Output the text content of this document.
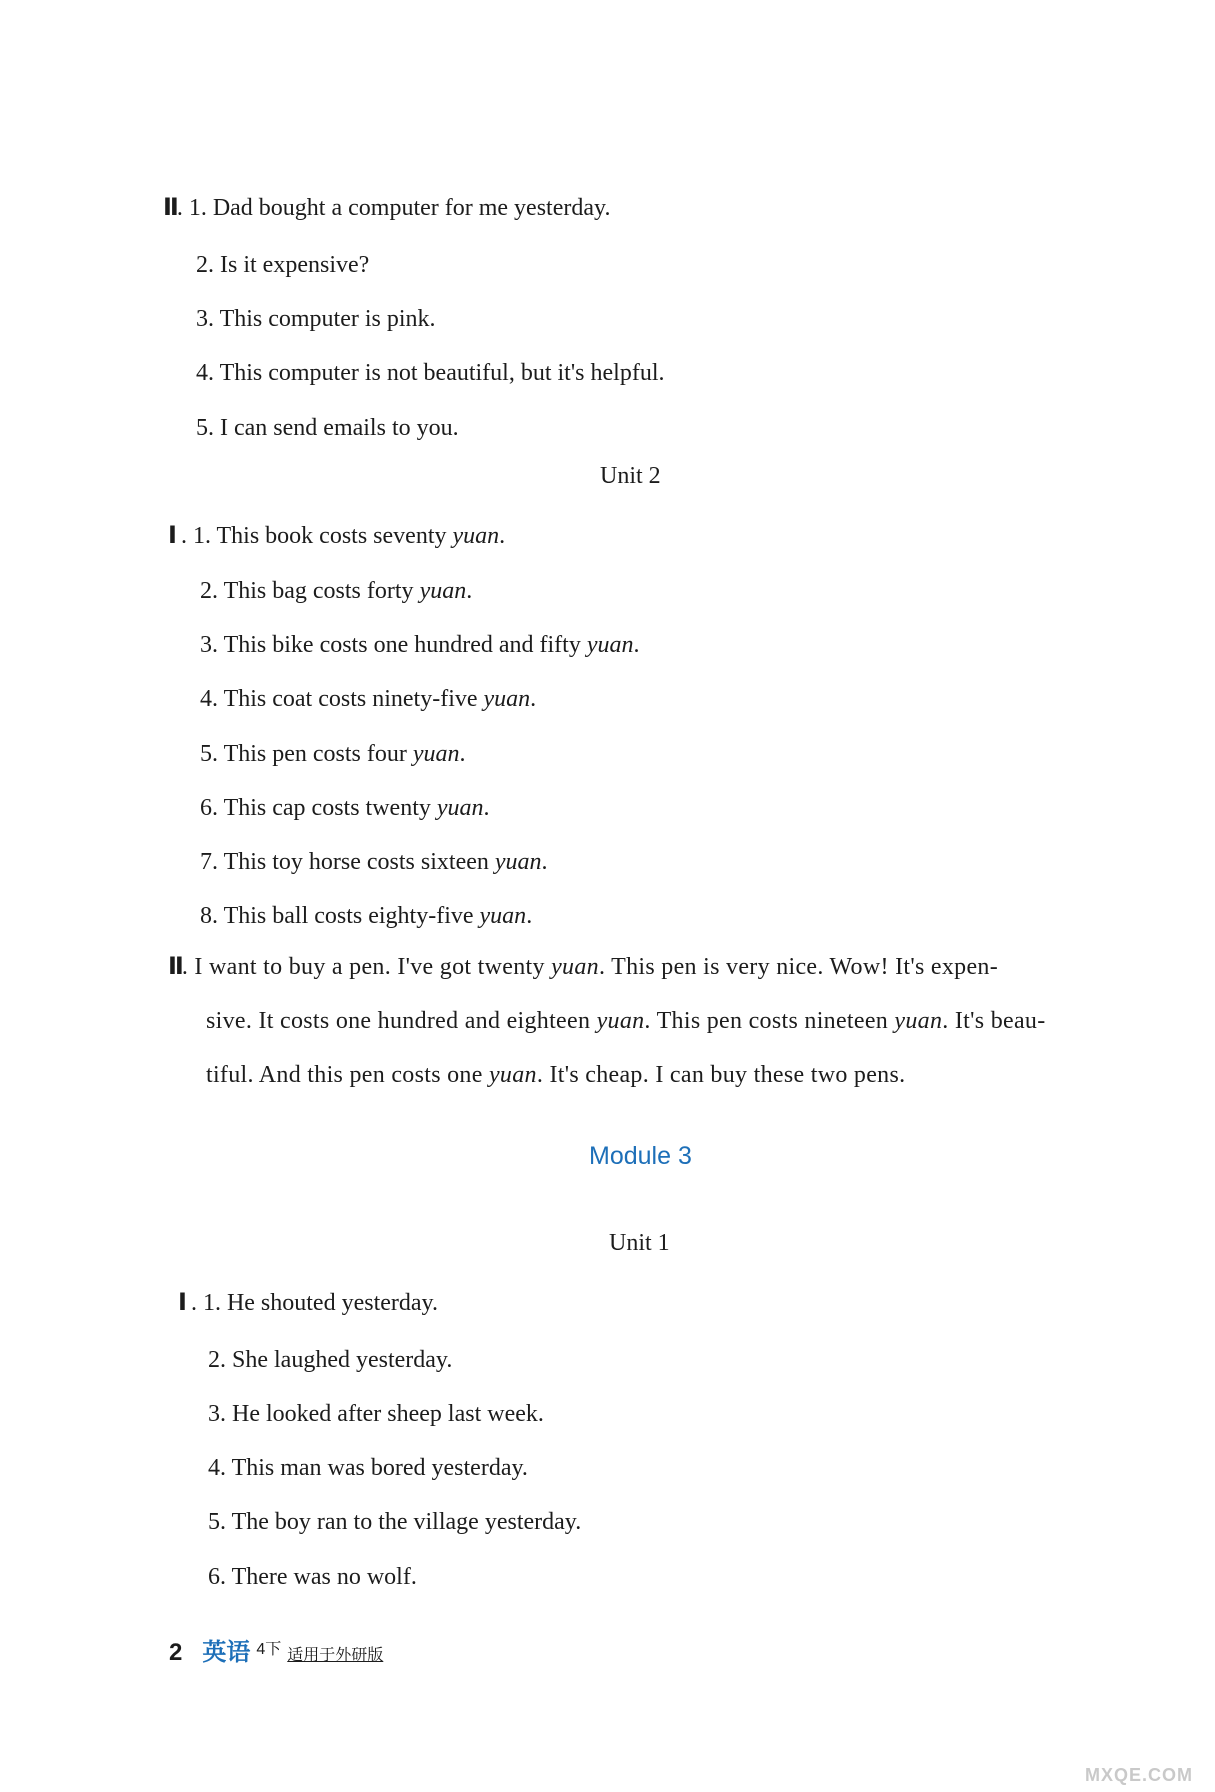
Ⅱ. 1. Dad bought a computer for me yesterday.
2. Is it expensive?
3. This computer is pink.
4. This computer is not beautiful, but it's helpful.
5. I can send emails to you.
Unit 2
Ⅰ . 1. This book costs seventy yuan.
2. This bag costs forty yuan.
3. This bike costs one hundred and fifty yuan.
4. This coat costs ninety-five yuan.
5. This pen costs four yuan.
6. This cap costs twenty yuan.
7. This toy horse costs sixteen yuan.
8. This ball costs eighty-five yuan.
Ⅱ. I want to buy a pen. I've got twenty yuan. This pen is very nice. Wow! It's expen-
sive. It costs one hundred and eighteen yuan. This pen costs nineteen yuan. It's beau-
tiful. And this pen costs one yuan. It's cheap. I can buy these two pens.
Module 3
Unit 1
Ⅰ . 1. He shouted yesterday.
2. She laughed yesterday.
3. He looked after sheep last week.
4. This man was bored yesterday.
5. The boy ran to the village yesterday.
6. There was no wolf.
2 英语 $^{4下}$ 适用于外研版
MXQE.COM
